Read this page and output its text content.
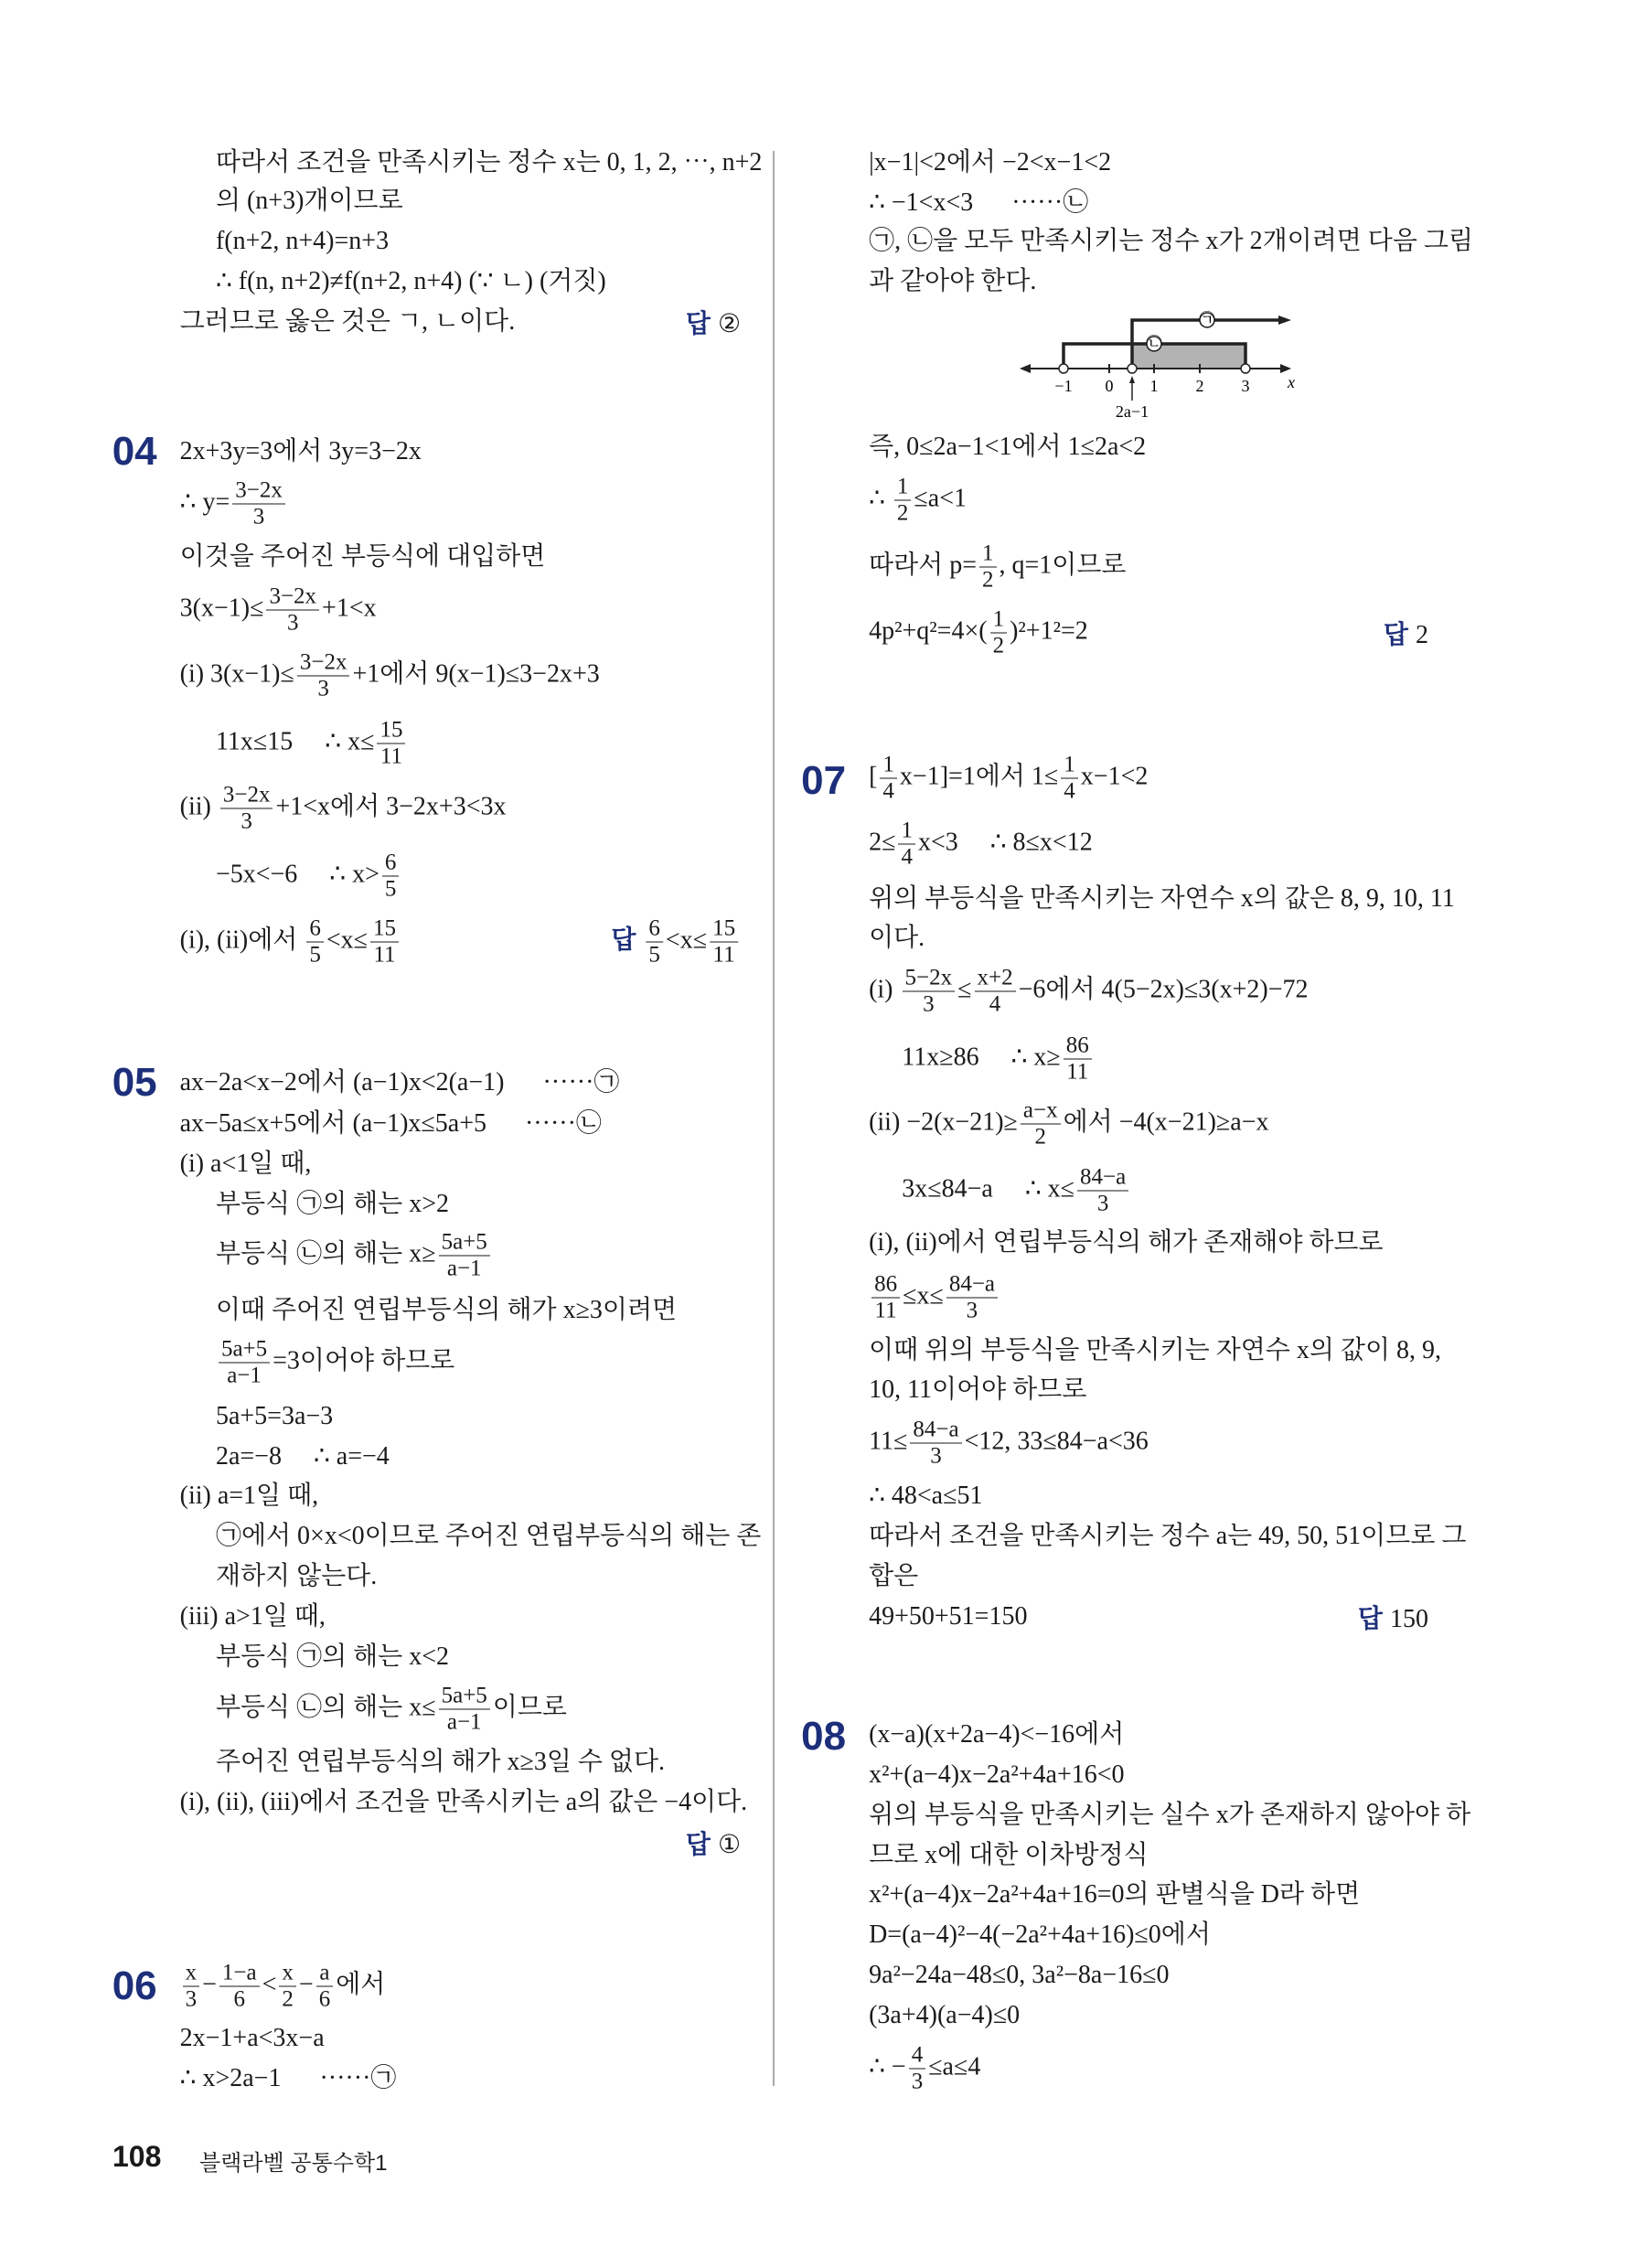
따라서 조건을 만족시키는 정수 x는 0, 1, 2, ⋯, n+2
의 (n+3)개이므로
f(n+2, n+4)=n+3
∴ f(n, n+2)≠f(n+2, n+4) (∵ ㄴ) (거짓)
그러므로 옳은 것은 ㄱ, ㄴ이다.
2x+3y=3에서 3y=3−2x
∴ $y= \frac{3-2x}{3}$
이것을 주어진 부등식에 대입하면
$3(x-1)\le \frac{3-2x}{3} +1<x$
(i) $3(x-1)\le \frac{3-2x}{3} +1$에서 9(x−1)≤3−2x+3
11x≤15     ∴ $x\le \frac{15}{11}$
$(ii) \frac{3-2x}{3} +1<x$에서 3−2x+3<3x
−5x<−6     ∴ $x> \frac{6}{5}$
(i), (ii)에서 $\frac{6}{5} <x\le \frac{15}{11}$
ax−2a<x−2에서 (a−1)x<2(a−1)      ······㉠
ax−5a≤x+5에서 (a−1)x≤5a+5      ······㉡
(i) a<1일 때,
부등식 ㉠의 해는 x>2
부등식 ㉡의 해는 $x\ge \frac{5a+5}{a-1}$
이때 주어진 연립부등식의 해가 x≥3이려면
$\frac{5a+5}{a-1} =3$이어야 하므로
5a+5=3a−3
2a=−8     ∴ a=−4
(ii) a=1일 때,
㉠에서 0×x<0이므로 주어진 연립부등식의 해는 존
재하지 않는다.
(iii) a>1일 때,
부등식 ㉠의 해는 x<2
부등식 ㉡의 해는 $x\le \frac{5a+5}{a-1}$ 이므로
주어진 연립부등식의 해가 x≥3일 수 없다.
(i), (ii), (iii)에서 조건을 만족시키는 a의 값은 −4이다.
$\frac{x}{3} - \frac{1-a}{6} < \frac{x}{2} - \frac{a}{6}$ 에서
2x−1+a<3x−a
∴ x>2a−1      ······㉠
|x−1|<2에서 −2<x−1<2
∴ −1<x<3      ······㉡
㉠, ㉡을 모두 만족시키는 정수 x가 2개이려면 다음 그림
과 같아야 한다.
즉, 0≤2a−1<1에서 1≤2a<2
∴ $\frac{1}{2} \le a<1$
따라서 $p= \frac{1}{2}$ , q=1이므로
$4p^2+q^2=4\times( \frac{1}{2} )^2+1^2=2$
[ $\frac{1}{4} x-1]=1$에서 $1\le \frac{1}{4} x-1<2$
$2\le \frac{1}{4} x<3$     ∴ 8≤x<12
위의 부등식을 만족시키는 자연수 x의 값은 8, 9, 10, 11
이다.
$(i) \frac{5-2x}{3} \le \frac{x+2}{4} -6$에서 4(5−2x)≤3(x+2)−72
11x≥86     ∴ $x\ge \frac{86}{11}$
$(ii) -2(x-21)\ge \frac{a-x}{2}$ 에서 −4(x−21)≥a−x
3x≤84−a     ∴ $x\le \frac{84-a}{3}$
(i), (ii)에서 연립부등식의 해가 존재해야 하므로
$\frac{86}{11} \le x\le \frac{84-a}{3}$
이때 위의 부등식을 만족시키는 자연수 x의 값이 8, 9,
10, 11이어야 하므로
$11\le \frac{84-a}{3} <12$, 33≤84−a<36
∴ 48<a≤51
따라서 조건을 만족시키는 정수 a는 49, 50, 51이므로 그
합은
49+50+51=150
(x−a)(x+2a−4)<−16에서
x²+(a−4)x−2a²+4a+16<0
위의 부등식을 만족시키는 실수 x가 존재하지 않아야 하
므로 x에 대한 이차방정식
x²+(a−4)x−2a²+4a+16=0의 판별식을 D라 하면
D=(a−4)²−4(−2a²+4a+16)≤0에서
9a²−24a−48≤0, 3a²−8a−16≤0
(3a+4)(a−4)≤0
∴ − $\frac{4}{3} \le a\le 4$
04
05
06
07
08
답 ②
답 $\frac{6}{5} <x\le \frac{15}{11}$
답 ①
답 2
답 150
㉠
㉡
−1 0 1 2 3 x
2a−1
108 블랙라벨 공통수학1
